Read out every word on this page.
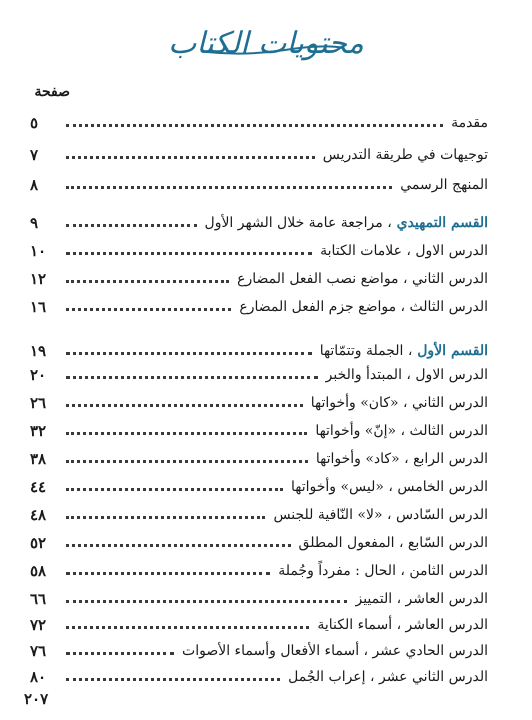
محتويات الكتاب
صفحة
مقدمة
٥
توجيهات في طريقة التدريس
٧
المنهج الرسمي
٨
القسم التمهيدي ، مراجعة عامة خلال الشهر الأول
٩
الدرس الاول ، علامات الكتابة
١٠
الدرس الثاني ، مواضع نصب الفعل المضارع
١٢
الدرس الثالث ، مواضع جزم الفعل المضارع
١٦
القسم الأول ، الجملة وتتمّاتها
١٩
الدرس الاول ، المبتدأ والخبر
٢٠
الدرس الثاني ، «كان» وأخواتها
٢٦
الدرس الثالث ، «إنّ» وأخواتها
٣٢
الدرس الرابع ، «كاد» وأخواتها
٣٨
الدرس الخامس ، «ليس» وأخواتها
٤٤
الدرس السّادس ، «لا» النّافية للجنس
٤٨
الدرس السّابع ، المفعول المطلق
٥٢
الدرس الثامن ، الحال : مفرداً وجُملة
٥٨
الدرس العاشر ، التمييز
٦٦
الدرس العاشر ، أسماء الكناية
٧٢
الدرس الحادي عشر ، أسماء الأفعال وأسماء الأصوات
٧٦
الدرس الثاني عشر ، إعراب الجُمل
٨٠
٢٠٧
